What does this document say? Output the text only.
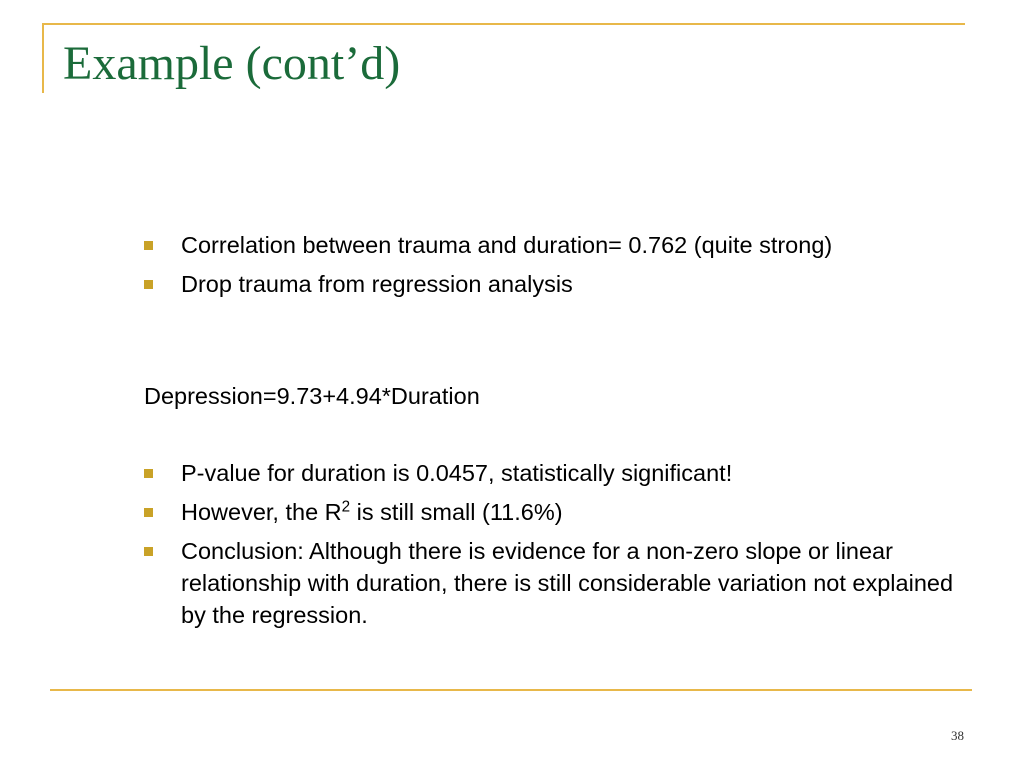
Example (cont’d)
Correlation between trauma and duration= 0.762 (quite strong)
Drop trauma from regression analysis
Depression=9.73+4.94*Duration
P-value for duration is 0.0457, statistically significant!
However, the $R^2$ is still small (11.6%)
Conclusion: Although there is evidence for a non-zero slope or linear relationship with duration, there is still considerable variation not explained by the regression.
38
